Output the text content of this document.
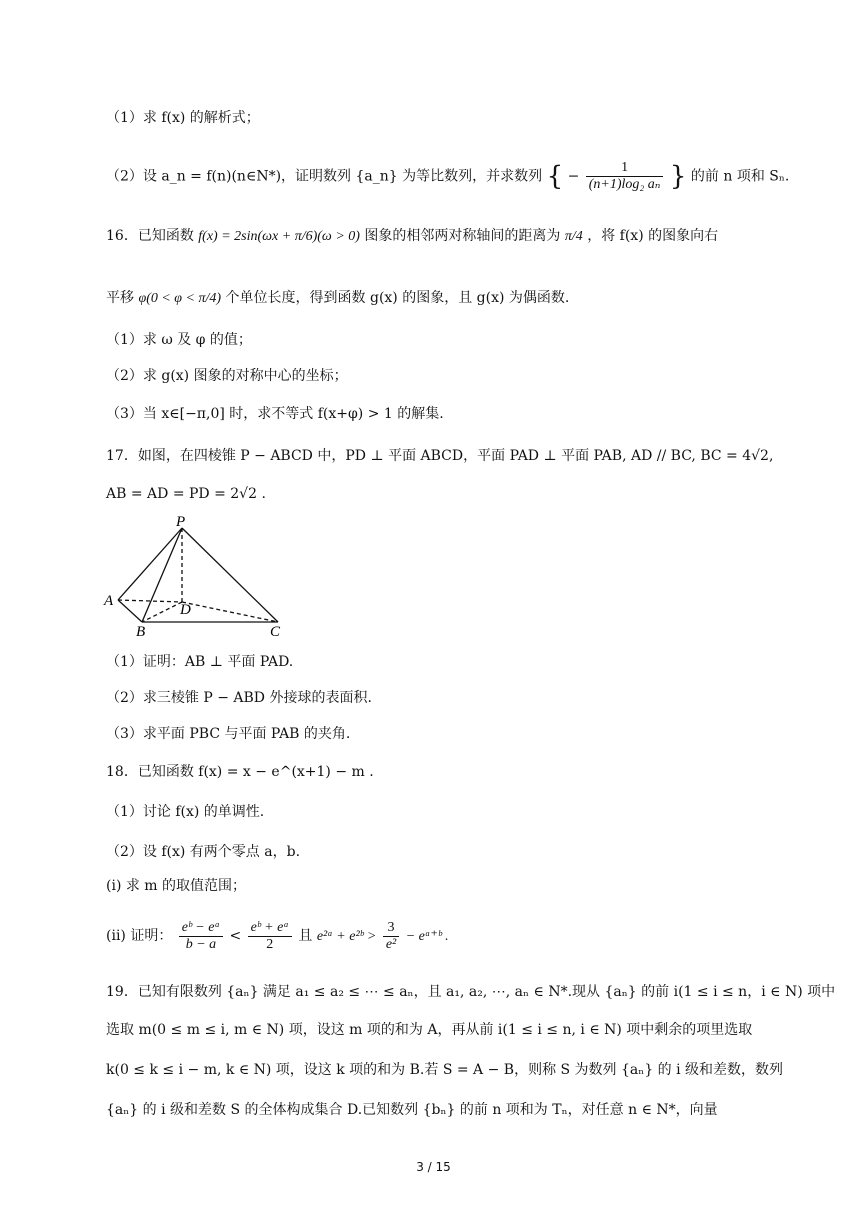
（1）求 f(x) 的解析式；
（2）设 a_n = f(n)(n∈N*)，证明数列 {a_n} 为等比数列，并求数列 { − $\frac{1}{\text{(n+1)log₂ aₙ}}$ } 的前 n 项和 Sₙ.
16．已知函数 f(x) = 2sin(ωx + π/6)(ω > 0) 图象的相邻两对称轴间的距离为 π/4 ，将 f(x) 的图象向右
平移 φ(0 < φ < π/4) 个单位长度，得到函数 g(x) 的图象，且 g(x) 为偶函数.
（1）求 ω 及 φ 的值；
（2）求 g(x) 图象的对称中心的坐标；
（3）当 x∈[−π,0] 时，求不等式 f(x+φ) > 1 的解集.
17．如图，在四棱锥 P − ABCD 中，PD ⊥ 平面 ABCD，平面 PAD ⊥ 平面 PAB, AD // BC, BC = 4√2,
AB = AD = PD = 2√2 .
P
A
D
B	C
（1）证明：AB ⊥ 平面 PAD.
（2）求三棱锥 P − ABD 外接球的表面积.
（3）求平面 PBC 与平面 PAB 的夹角.
18．已知函数 f(x) = x − e^(x+1) − m .
（1）讨论 f(x) 的单调性.
（2）设 f(x) 有两个零点 a，b.
(i) 求 m 的取值范围；
(ii) 证明： $\frac{\text{eᵇ − eᵃ}}{b - a} < \frac{\text{eᵇ + eᵃ}}{2}$ 且 e²ᵃ + e²ᵇ > $\frac{3}{\text{e²}}$ − eᵃ⁺ᵇ .
19．已知有限数列 {aₙ} 满足 a₁ ≤ a₂ ≤ ⋯ ≤ aₙ，且 a₁, a₂, ⋯, aₙ ∈ N*.现从 {aₙ} 的前 i(1 ≤ i ≤ n，i ∈ N) 项中
选取 m(0 ≤ m ≤ i, m ∈ N) 项，设这 m 项的和为 A，再从前 i(1 ≤ i ≤ n, i ∈ N) 项中剩余的项里选取
k(0 ≤ k ≤ i − m, k ∈ N) 项，设这 k 项的和为 B.若 S = A − B，则称 S 为数列 {aₙ} 的 i 级和差数，数列
{aₙ} 的 i 级和差数 S 的全体构成集合 D.已知数列 {bₙ} 的前 n 项和为 Tₙ，对任意 n ∈ N*，向量
3 / 15
